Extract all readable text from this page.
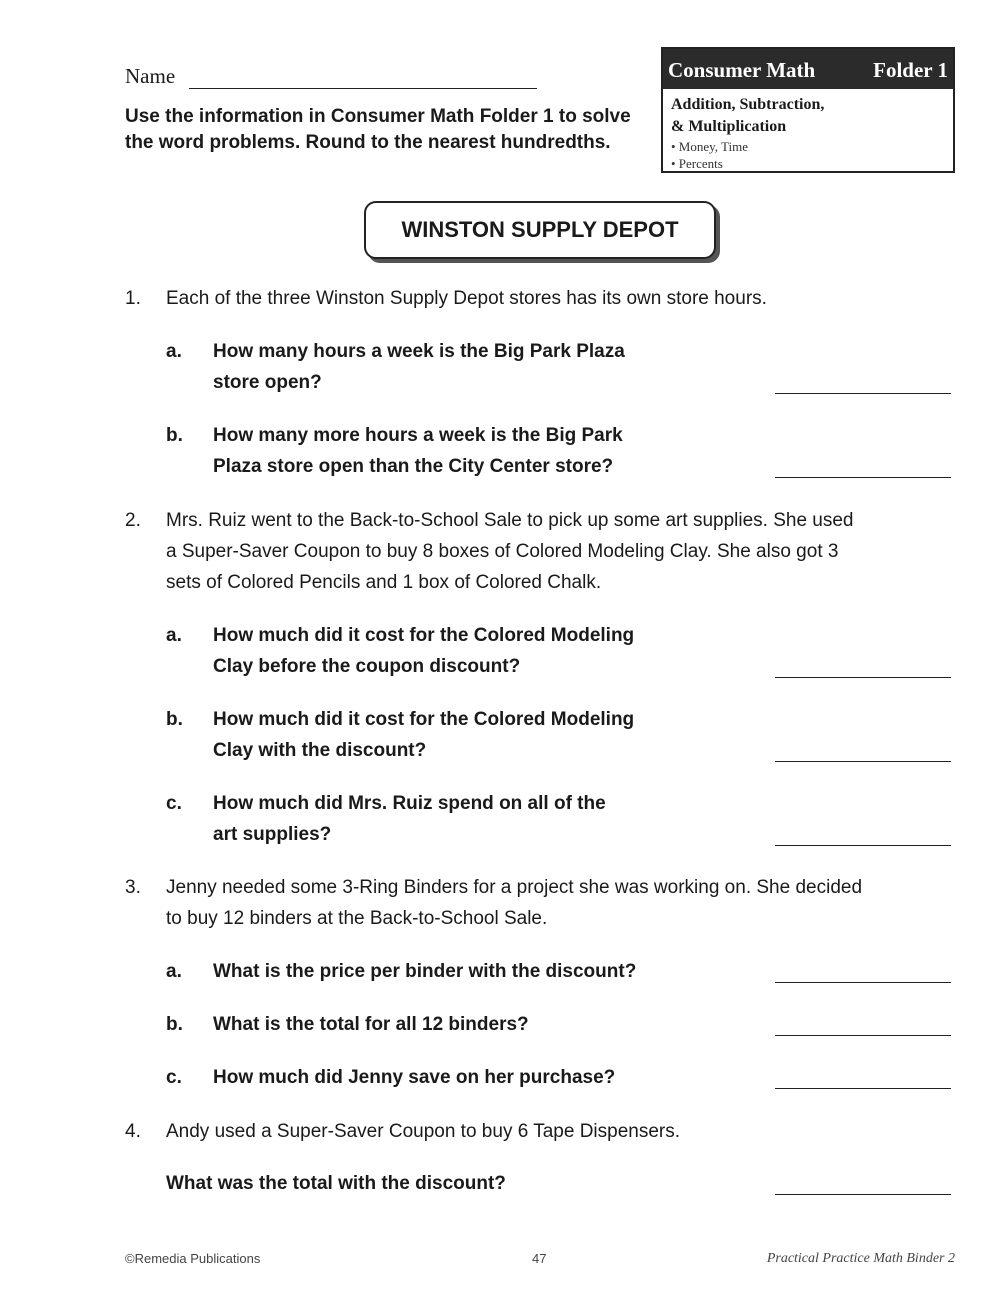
Name
Use the information in Consumer Math Folder 1 to solve the word problems. Round to the nearest hundredths.
Consumer Math	Folder 1
Addition, Subtraction,
& Multiplication
• Money, Time
• Percents
WINSTON SUPPLY DEPOT
1. Each of the three Winston Supply Depot stores has its own store hours.
a. How many hours a week is the Big Park Plaza
store open?
b. How many more hours a week is the Big Park
Plaza store open than the City Center store?
2. Mrs. Ruiz went to the Back-to-School Sale to pick up some art supplies. She used
a Super-Saver Coupon to buy 8 boxes of Colored Modeling Clay. She also got 3
sets of Colored Pencils and 1 box of Colored Chalk.
a. How much did it cost for the Colored Modeling
Clay before the coupon discount?
b. How much did it cost for the Colored Modeling
Clay with the discount?
c. How much did Mrs. Ruiz spend on all of the
art supplies?
3. Jenny needed some 3-Ring Binders for a project she was working on. She decided
to buy 12 binders at the Back-to-School Sale.
a. What is the price per binder with the discount?
b. What is the total for all 12 binders?
c. How much did Jenny save on her purchase?
4. Andy used a Super-Saver Coupon to buy 6 Tape Dispensers.
What was the total with the discount?
©Remedia Publications	47	Practical Practice Math Binder 2
